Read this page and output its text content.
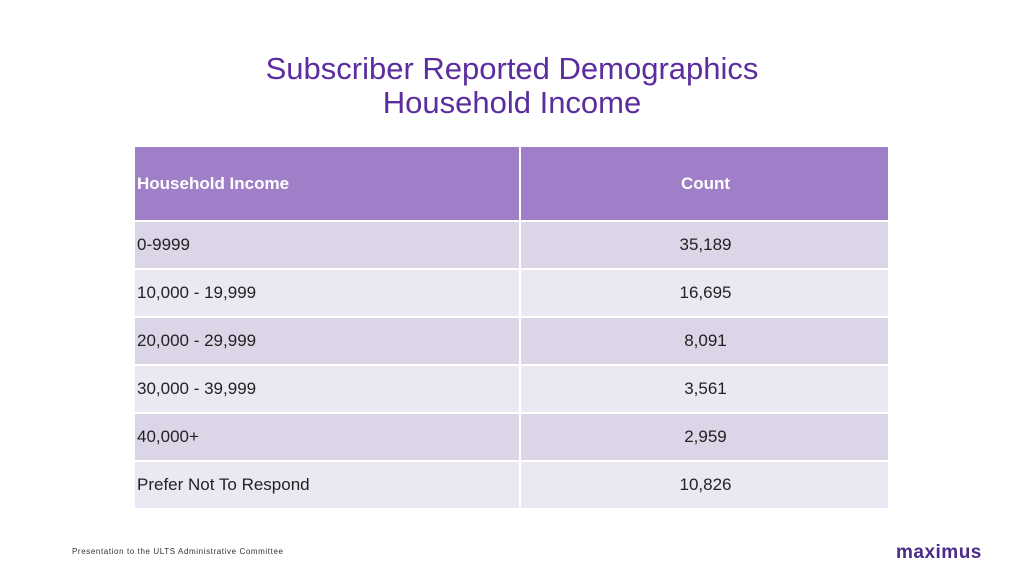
Subscriber Reported Demographics
Household Income
Household Income	Count
0-9999	35,189
10,000 - 19,999	16,695
20,000 - 29,999	8,091
30,000 - 39,999	3,561
40,000+	2,959
Prefer Not To Respond	10,826
Presentation to the ULTS Administrative Committee	maximus
